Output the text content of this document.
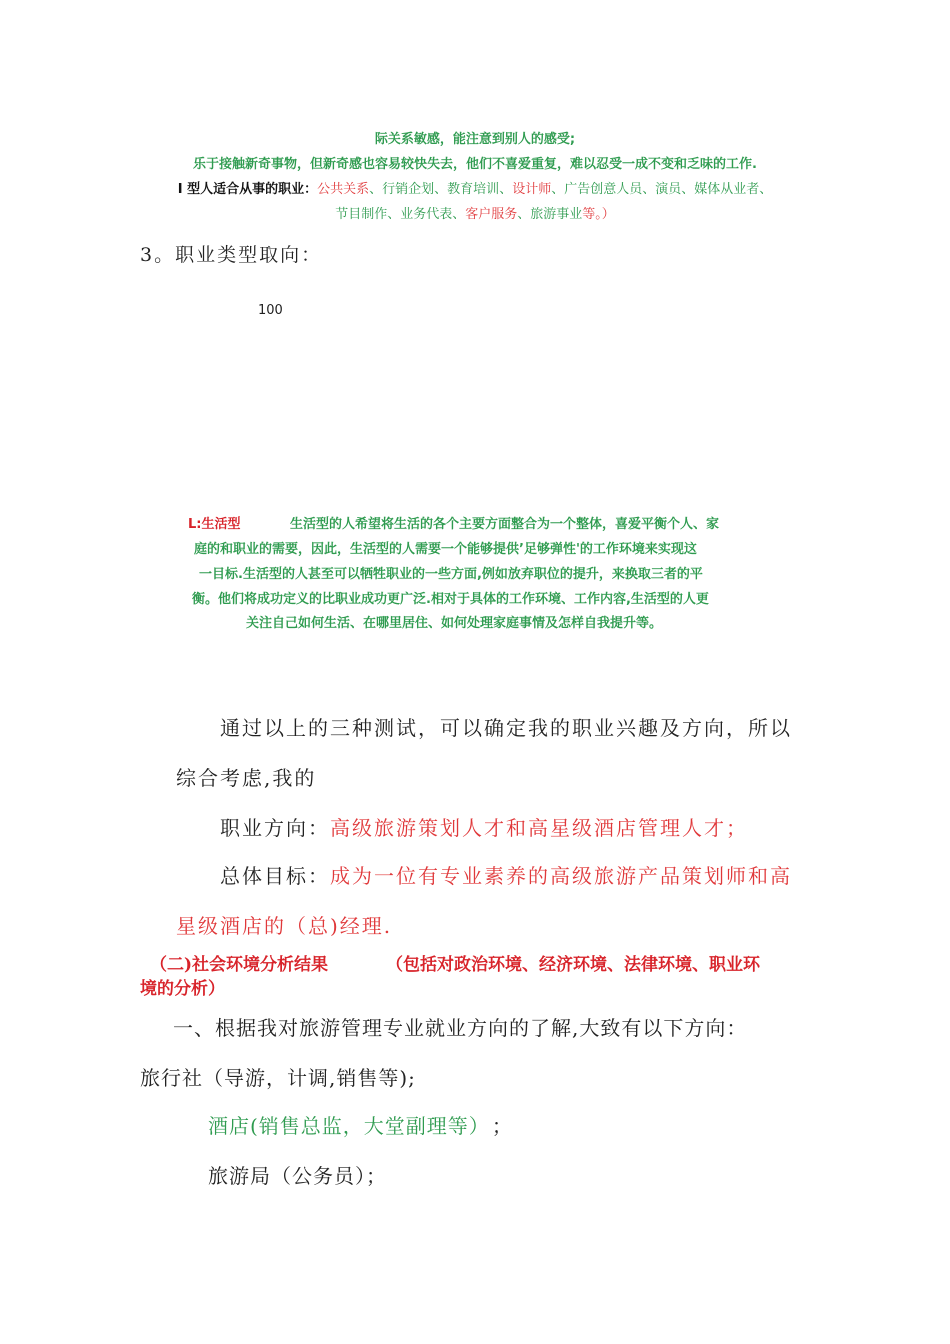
际关系敏感，能注意到别人的感受;
乐于接触新奇事物，但新奇感也容易较快失去，他们不喜爱重复，难以忍受一成不变和乏味的工作.
I 型人适合从事的职业：公共关系、行销企划、教育培训、设计师、广告创意人员、演员、媒体从业者、
节目制作、业务代表、客户服务、旅游事业等。）
3。职业类型取向：
100
L:生活型	生活型的人希望将生活的各个主要方面整合为一个整体，喜爱平衡个人、家
庭的和职业的需要，因此，生活型的人需要一个能够提供’足够弹性'的工作环境来实现这
一目标.生活型的人甚至可以牺牲职业的一些方面,例如放弃职位的提升，来换取三者的平
衡。他们将成功定义的比职业成功更广泛.相对于具体的工作环境、工作内容,生活型的人更
关注自己如何生活、在哪里居住、如何处理家庭事情及怎样自我提升等。
通过以上的三种测试，可以确定我的职业兴趣及方向，所以
综合考虑,我的
职业方向：高级旅游策划人才和高星级酒店管理人才；
总体目标：成为一位有专业素养的高级旅游产品策划师和高
星级酒店的（总)经理.
（二)社会环境分析结果	（包括对政治环境、经济环境、法律环境、职业环
境的分析）
一、根据我对旅游管理专业就业方向的了解,大致有以下方向：
旅行社（导游，计调,销售等);
酒店(销售总监，大堂副理等） ；
旅游局（公务员）；
